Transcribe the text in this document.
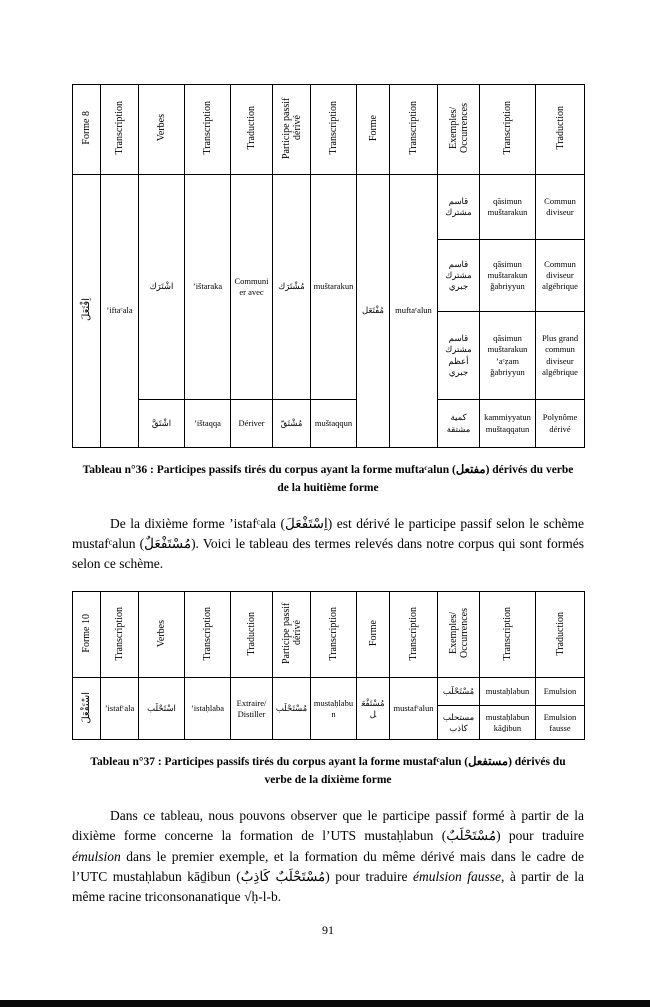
Forme 8	Transcription	Verbes	Transcription	Traduction	Participe passif dérivé	Transcription	Forme	Transcription	Exemples/ Occurrences	Transcription	Traduction
اِفْتَعَلَ	’iftaᶜala	اشْتَرَك	’ištaraka	Communier avec	مُشْتَرَك	muštarakun	مُفْتَعَل	muftaᶜalun	قاسم مشترك	qāsimun muštarakun	Commun diviseur
									قاسم مشترك جبري	qāsimun muštarakun ǧabriyyun	Commun diviseur algébrique
									قاسم مشترك أعظم جبري	qāsimun muštarakun ’aᶜẓam ǧabriyyun	Plus grand commun diviseur algébrique
		اشْتَقَّ	’ištaqqa	Dériver	مُشْتَقّ	muštaqqun			كمية مشتقة	kammiyyatun muštaqqatun	Polynôme dérivé
Tableau n°36 : Participes passifs tirés du corpus ayant la forme muftaᶜalun (مفتعل) dérivés du verbe de la huitième forme

De la dixième forme ’istafᶜala (اِسْتَفْعَلَ) est dérivé le participe passif selon le schème mustafᶜalun (مُسْتَفْعَلٌ). Voici le tableau des termes relevés dans notre corpus qui sont formés selon ce schème.

Forme 10	Transcription	Verbes	Transcription	Traduction	Participe passif dérivé	Transcription	Forme	Transcription	Exemples/ Occurrences	Transcription	Traduction
اسْتَفْعَلَ	’istafᶜala	اسْتَحْلَب	’istaḥlaba	Extraire/ Distiller	مُسْتَحْلَب	mustaḥlabun	مُسْتَفْعَل	mustafᶜalun	مُسْتَحْلَب	mustaḥlabun	Emulsion
									مستحلب كاذب	mustaḥlabun kāḏibun	Emulsion fausse
Tableau n°37 : Participes passifs tirés du corpus ayant la forme mustafᶜalun (مستفعل) dérivés du verbe de la dixième forme

Dans ce tableau, nous pouvons observer que le participe passif formé à partir de la dixième forme concerne la formation de l’UTS mustaḥlabun (مُسْتَحْلَبٌ) pour traduire émulsion dans le premier exemple, et la formation du même dérivé mais dans le cadre de l’UTC mustaḥlabun kāḏibun (مُسْتَحْلَبٌ كَاذِبٌ) pour traduire émulsion fausse, à partir de la même racine triconsonanatique √ḥ-l-b.

91
